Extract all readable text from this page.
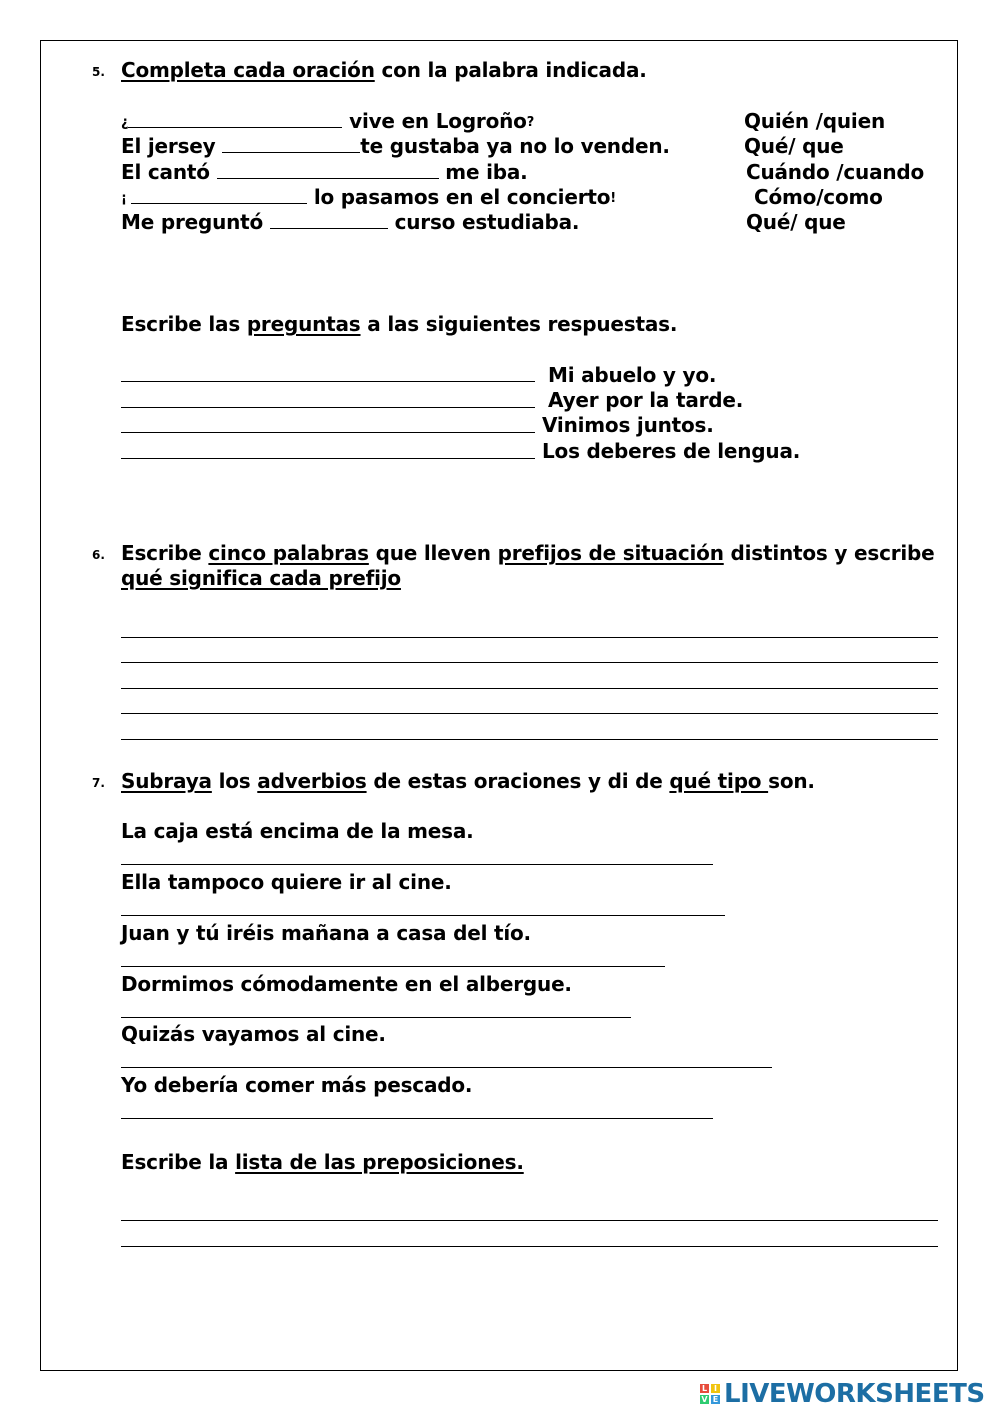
5. Completa cada oración con la palabra indicada.
¿	vive en Logroño?	Quién /quien
El jersey	te gustaba ya no lo venden.	Qué/ que
El cantó	me iba.	Cuándo /cuando
¡	lo pasamos en el concierto!	Cómo/como
Me preguntó	curso estudiaba.	Qué/ que
Escribe las preguntas a las siguientes respuestas.
Mi abuelo y yo.
Ayer por la tarde.
Vinimos juntos.
Los deberes de lengua.
6. Escribe cinco palabras que lleven prefijos de situación distintos y escribe
qué significa cada prefijo
7. Subraya los adverbios de estas oraciones y di de qué tipo son.
La caja está encima de la mesa.
Ella tampoco quiere ir al cine.
Juan y tú iréis mañana a casa del tío.
Dormimos cómodamente en el albergue.
Quizás vayamos al cine.
Yo debería comer más pescado.
Escribe la lista de las preposiciones.
L I
V E LIVEWORKSHEETS
